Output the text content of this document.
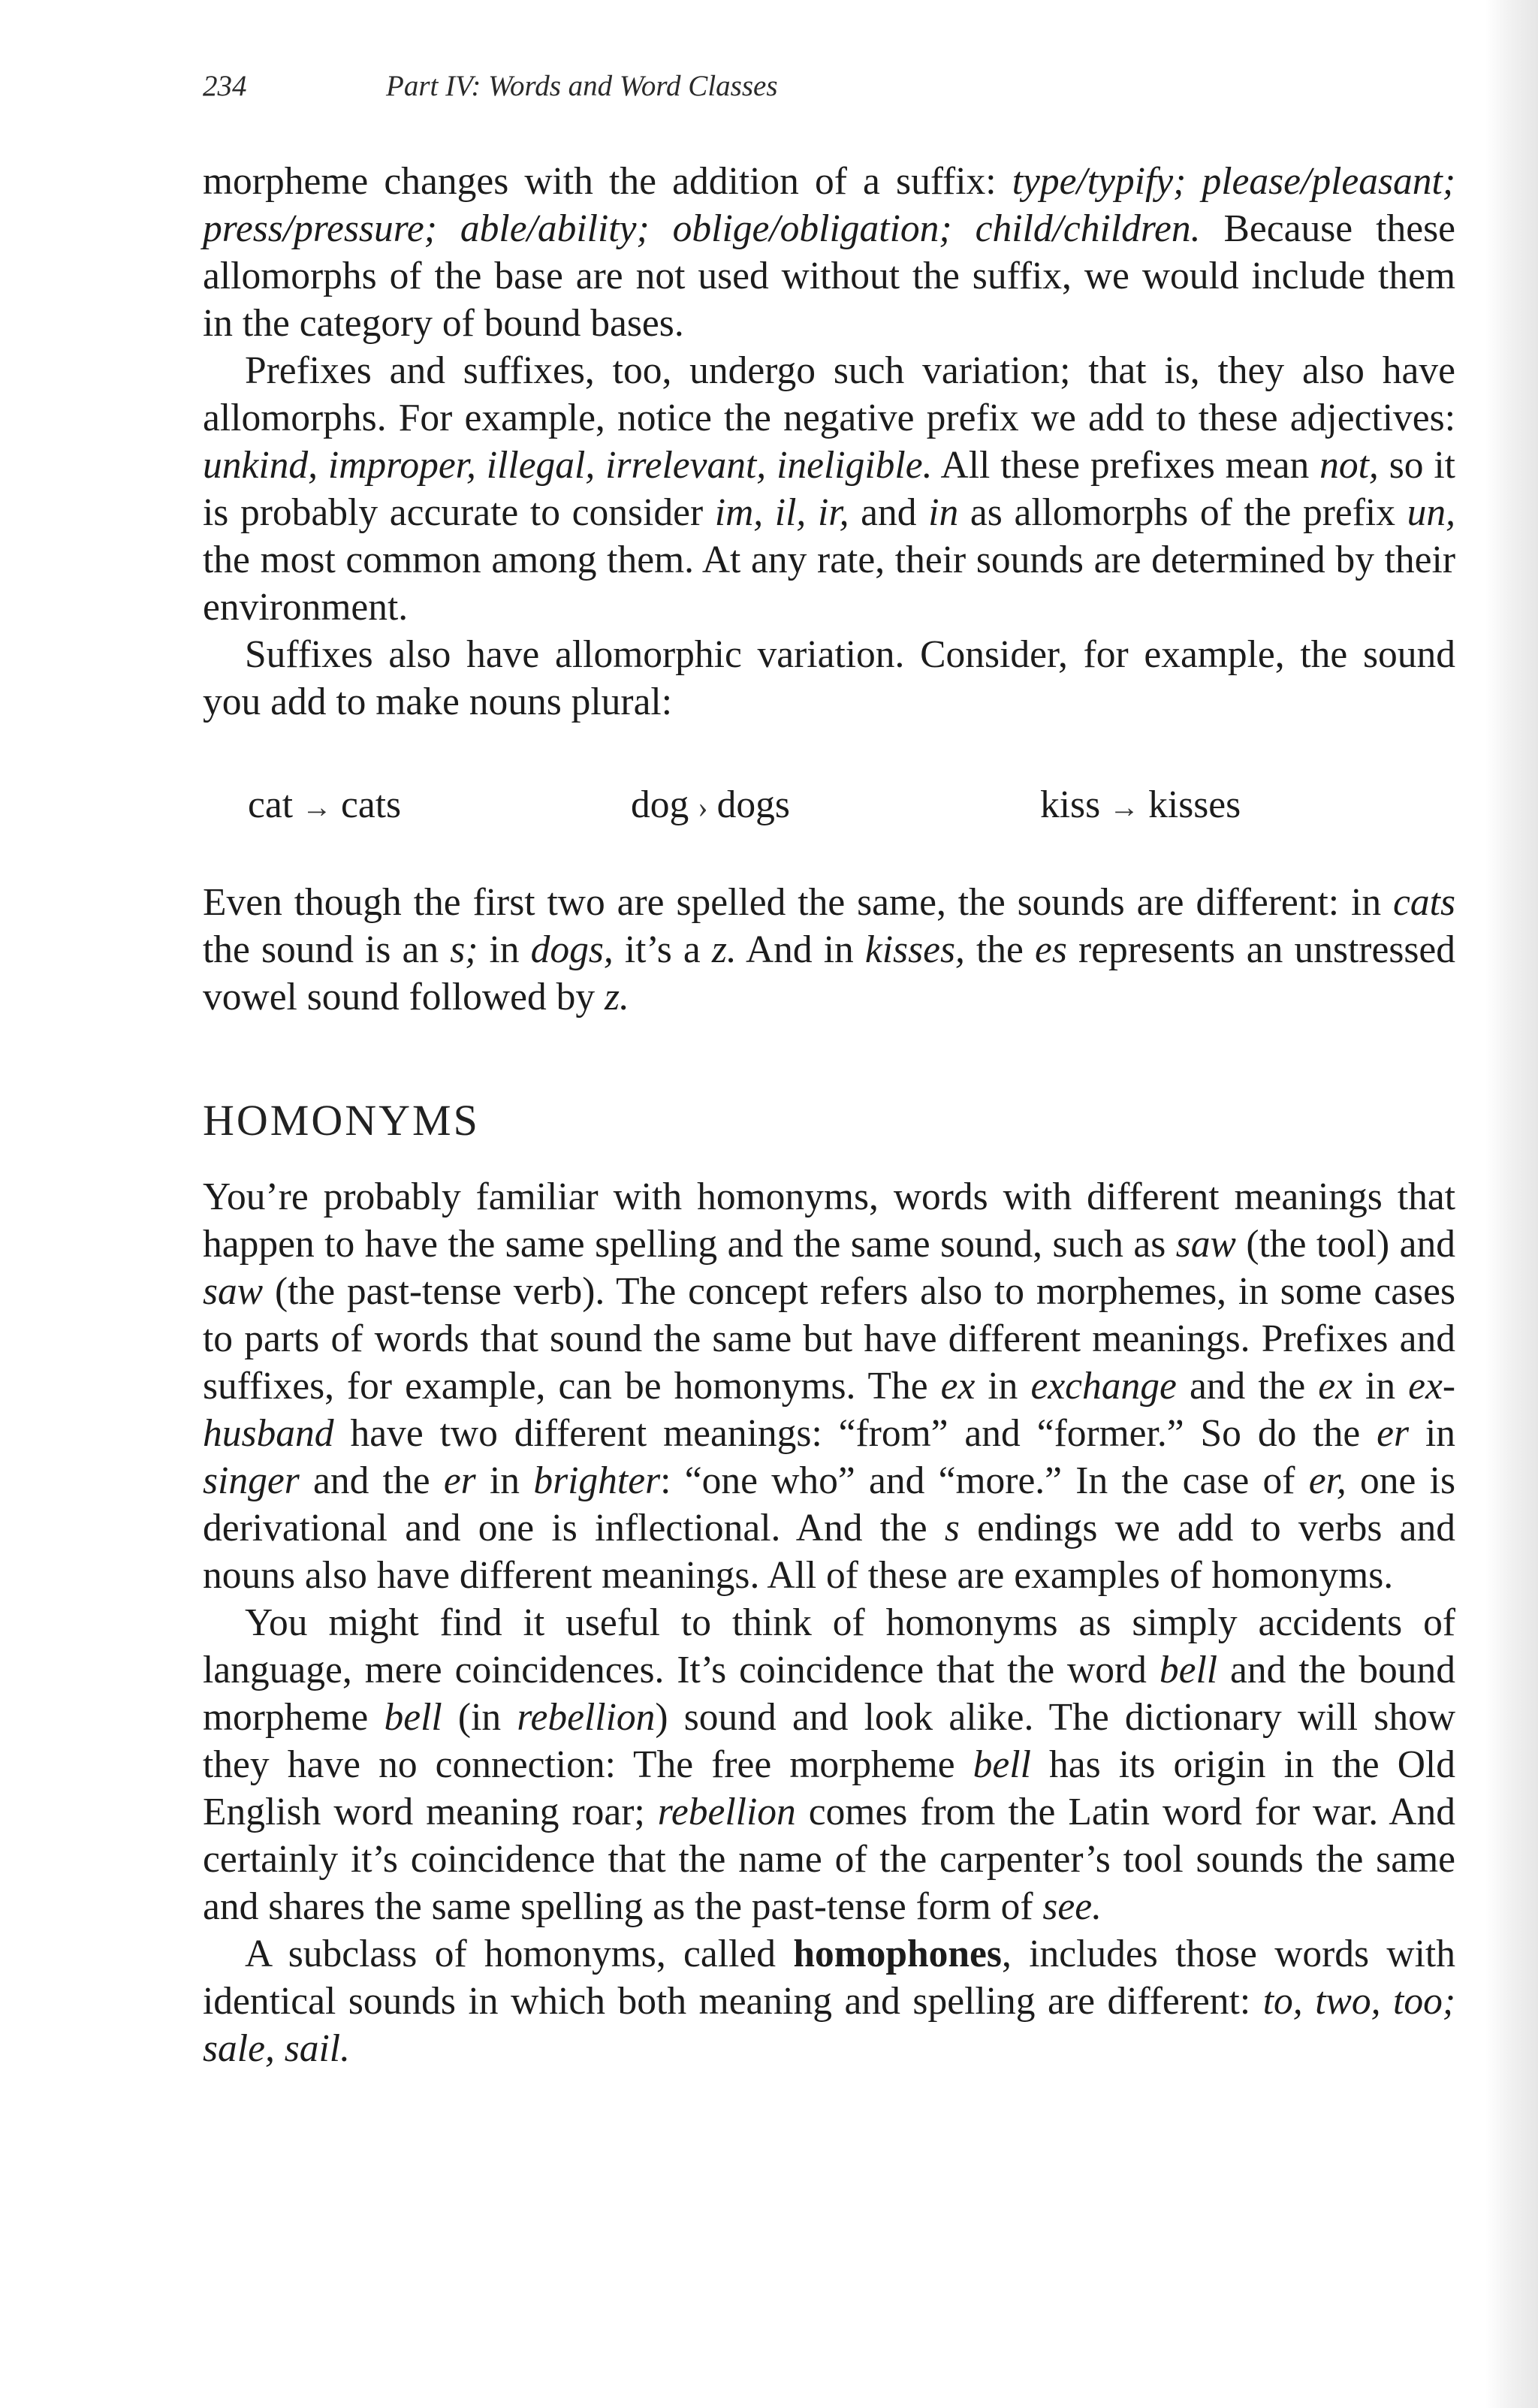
234	Part IV: Words and Word Classes

morpheme changes with the addition of a suffix: type/typify; please/pleasant; press/pressure; able/ability; oblige/obligation; child/children. Because these allomorphs of the base are not used without the suffix, we would include them in the category of bound bases.

Prefixes and suffixes, too, undergo such variation; that is, they also have allomorphs. For example, notice the negative prefix we add to these adjectives: unkind, improper, illegal, irrelevant, ineligible. All these prefixes mean not, so it is probably accurate to consider im, il, ir, and in as allomorphs of the prefix un, the most common among them. At any rate, their sounds are determined by their environment.

Suffixes also have allomorphic variation. Consider, for example, the sound you add to make nouns plural:

cat → cats	dog › dogs	kiss → kisses

Even though the first two are spelled the same, the sounds are different: in cats the sound is an s; in dogs, it’s a z. And in kisses, the es represents an unstressed vowel sound followed by z.

HOMONYMS

You’re probably familiar with homonyms, words with different meanings that happen to have the same spelling and the same sound, such as saw (the tool) and saw (the past-tense verb). The concept refers also to morphemes, in some cases to parts of words that sound the same but have different meanings. Prefixes and suffixes, for example, can be homonyms. The ex in exchange and the ex in ex-husband have two different meanings: “from” and “former.” So do the er in singer and the er in brighter: “one who” and “more.” In the case of er, one is derivational and one is inflectional. And the s endings we add to verbs and nouns also have different meanings. All of these are examples of homonyms.

You might find it useful to think of homonyms as simply accidents of language, mere coincidences. It’s coincidence that the word bell and the bound morpheme bell (in rebellion) sound and look alike. The dictionary will show they have no connection: The free morpheme bell has its origin in the Old English word meaning roar; rebellion comes from the Latin word for war. And certainly it’s coincidence that the name of the carpenter’s tool sounds the same and shares the same spelling as the past-tense form of see.

A subclass of homonyms, called homophones, includes those words with identical sounds in which both meaning and spelling are different: to, two, too; sale, sail.
